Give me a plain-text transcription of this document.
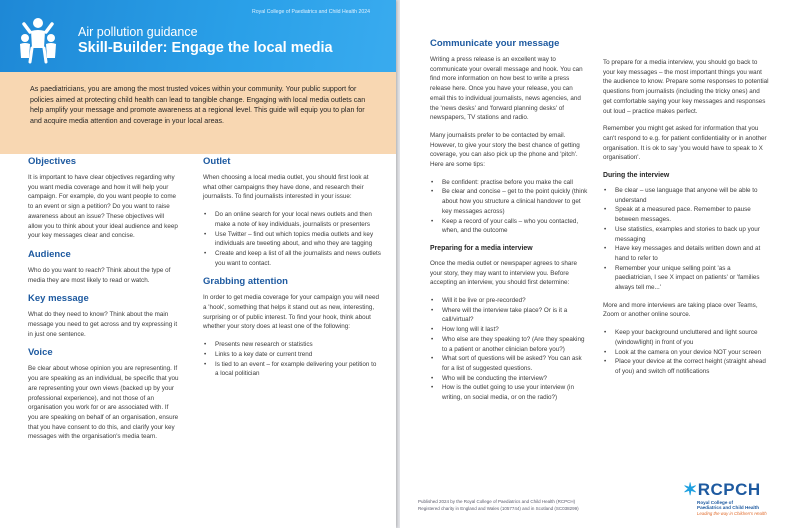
Royal College of Paediatrics and Child Health 2024
Air pollution guidance
Skill-Builder: Engage the local media

As paediatricians, you are among the most trusted voices within your community. Your public support for policies aimed at protecting child health can lead to tangible change. Engaging with local media outlets can help amplify your message and promote awareness at a regional level. This guide will equip you to plan for and acquire media attention and coverage in your local areas.

Objectives

It is important to have clear objectives regarding why you want media coverage and how it will help your campaign. For example, do you want people to come to an event or sign a petition? Do you want to raise awareness about an issue? These objectives will allow you to think about your ideal audience and keep your key messages clear and concise.

Audience

Who do you want to reach? Think about the type of media they are most likely to read or watch.

Key message

What do they need to know? Think about the main message you need to get across and try expressing it in just one sentence.

Voice

Be clear about whose opinion you are representing. If you are speaking as an individual, be specific that you are representing your own views (backed up by your professional experience), and not those of an organisation you work for or are associated with. If you are speaking on behalf of an organisation, ensure that you have consent to do this, and clarify your key messages with the organisation's media team.

Outlet

When choosing a local media outlet, you should first look at what other campaigns they have done, and research their journalists. To find journalists interested in your issue:

• Do an online search for your local news outlets and then make a note of key individuals, journalists or presenters
• Use Twitter – find out which topics media outlets and key individuals are tweeting about, and who they are tagging
• Create and keep a list of all the journalists and news outlets you want to contact.
Grabbing attention

In order to get media coverage for your campaign you will need a 'hook', something that helps it stand out as new, interesting, surprising or of public interest. To find your hook, think about whether your story does at least one of the following:

• Presents new research or statistics
• Links to a key date or current trend
• Is tied to an event – for example delivering your petition to a local politician
Communicate your message

Writing a press release is an excellent way to communicate your overall message and hook. You can find more information on how best to write a press release here. Once you have your release, you can email this to individual journalists, news agencies, and the 'news desks' and 'forward planning desks' of newspapers, TV stations and radio.

Many journalists prefer to be contacted by email. However, to give your story the best chance of getting coverage, you can also pick up the phone and 'pitch'. Here are some tips:

• Be confident: practise before you make the call
• Be clear and concise – get to the point quickly (think about how you structure a clinical handover to get key messages across)
• Keep a record of your calls – who you contacted, when, and the outcome
Preparing for a media interview

Once the media outlet or newspaper agrees to share your story, they may want to interview you. Before accepting an interview, you should first determine:

• Will it be live or pre-recorded?
• Where will the interview take place? Or is it a call/virtual?
• How long will it last?
• Who else are they speaking to? (Are they speaking to a patient or another clinician before you?)
• What sort of questions will be asked? You can ask for a list of suggested questions.
• Who will be conducting the interview?
• How is the outlet going to use your interview (in writing, on social media, or on the radio?)

To prepare for a media interview, you should go back to your key messages – the most important things you want the audience to know. Prepare some responses to potential questions from journalists (including the tricky ones) and get comfortable saying your key messages and responses out loud – practice makes perfect.

Remember you might get asked for information that you can't respond to e.g. for patient confidentiality or in another organisation. It is ok to say 'you would have to speak to X organisation'.

During the interview
• Be clear – use language that anyone will be able to understand
• Speak at a measured pace. Remember to pause between messages.
• Use statistics, examples and stories to back up your messaging
• Have key messages and details written down and at hand to refer to
• Remember your unique selling point 'as a paediatrician, I see X impact on patients' or 'families always tell me...'

More and more interviews are taking place over Teams, Zoom or another online source.

• Keep your background uncluttered and light source (window/light) in front of you
• Look at the camera on your device NOT your screen
• Place your device at the correct height (straight ahead of you) and switch off notifications
Published 2024 by the Royal College of Paediatrics and Child Health (RCPCH)
Registered charity in England and Wales (1057744) and in Scotland (SC038299)
✶RCPCH
Royal College of
Paediatrics and Child Health
Leading the way in Children's Health
